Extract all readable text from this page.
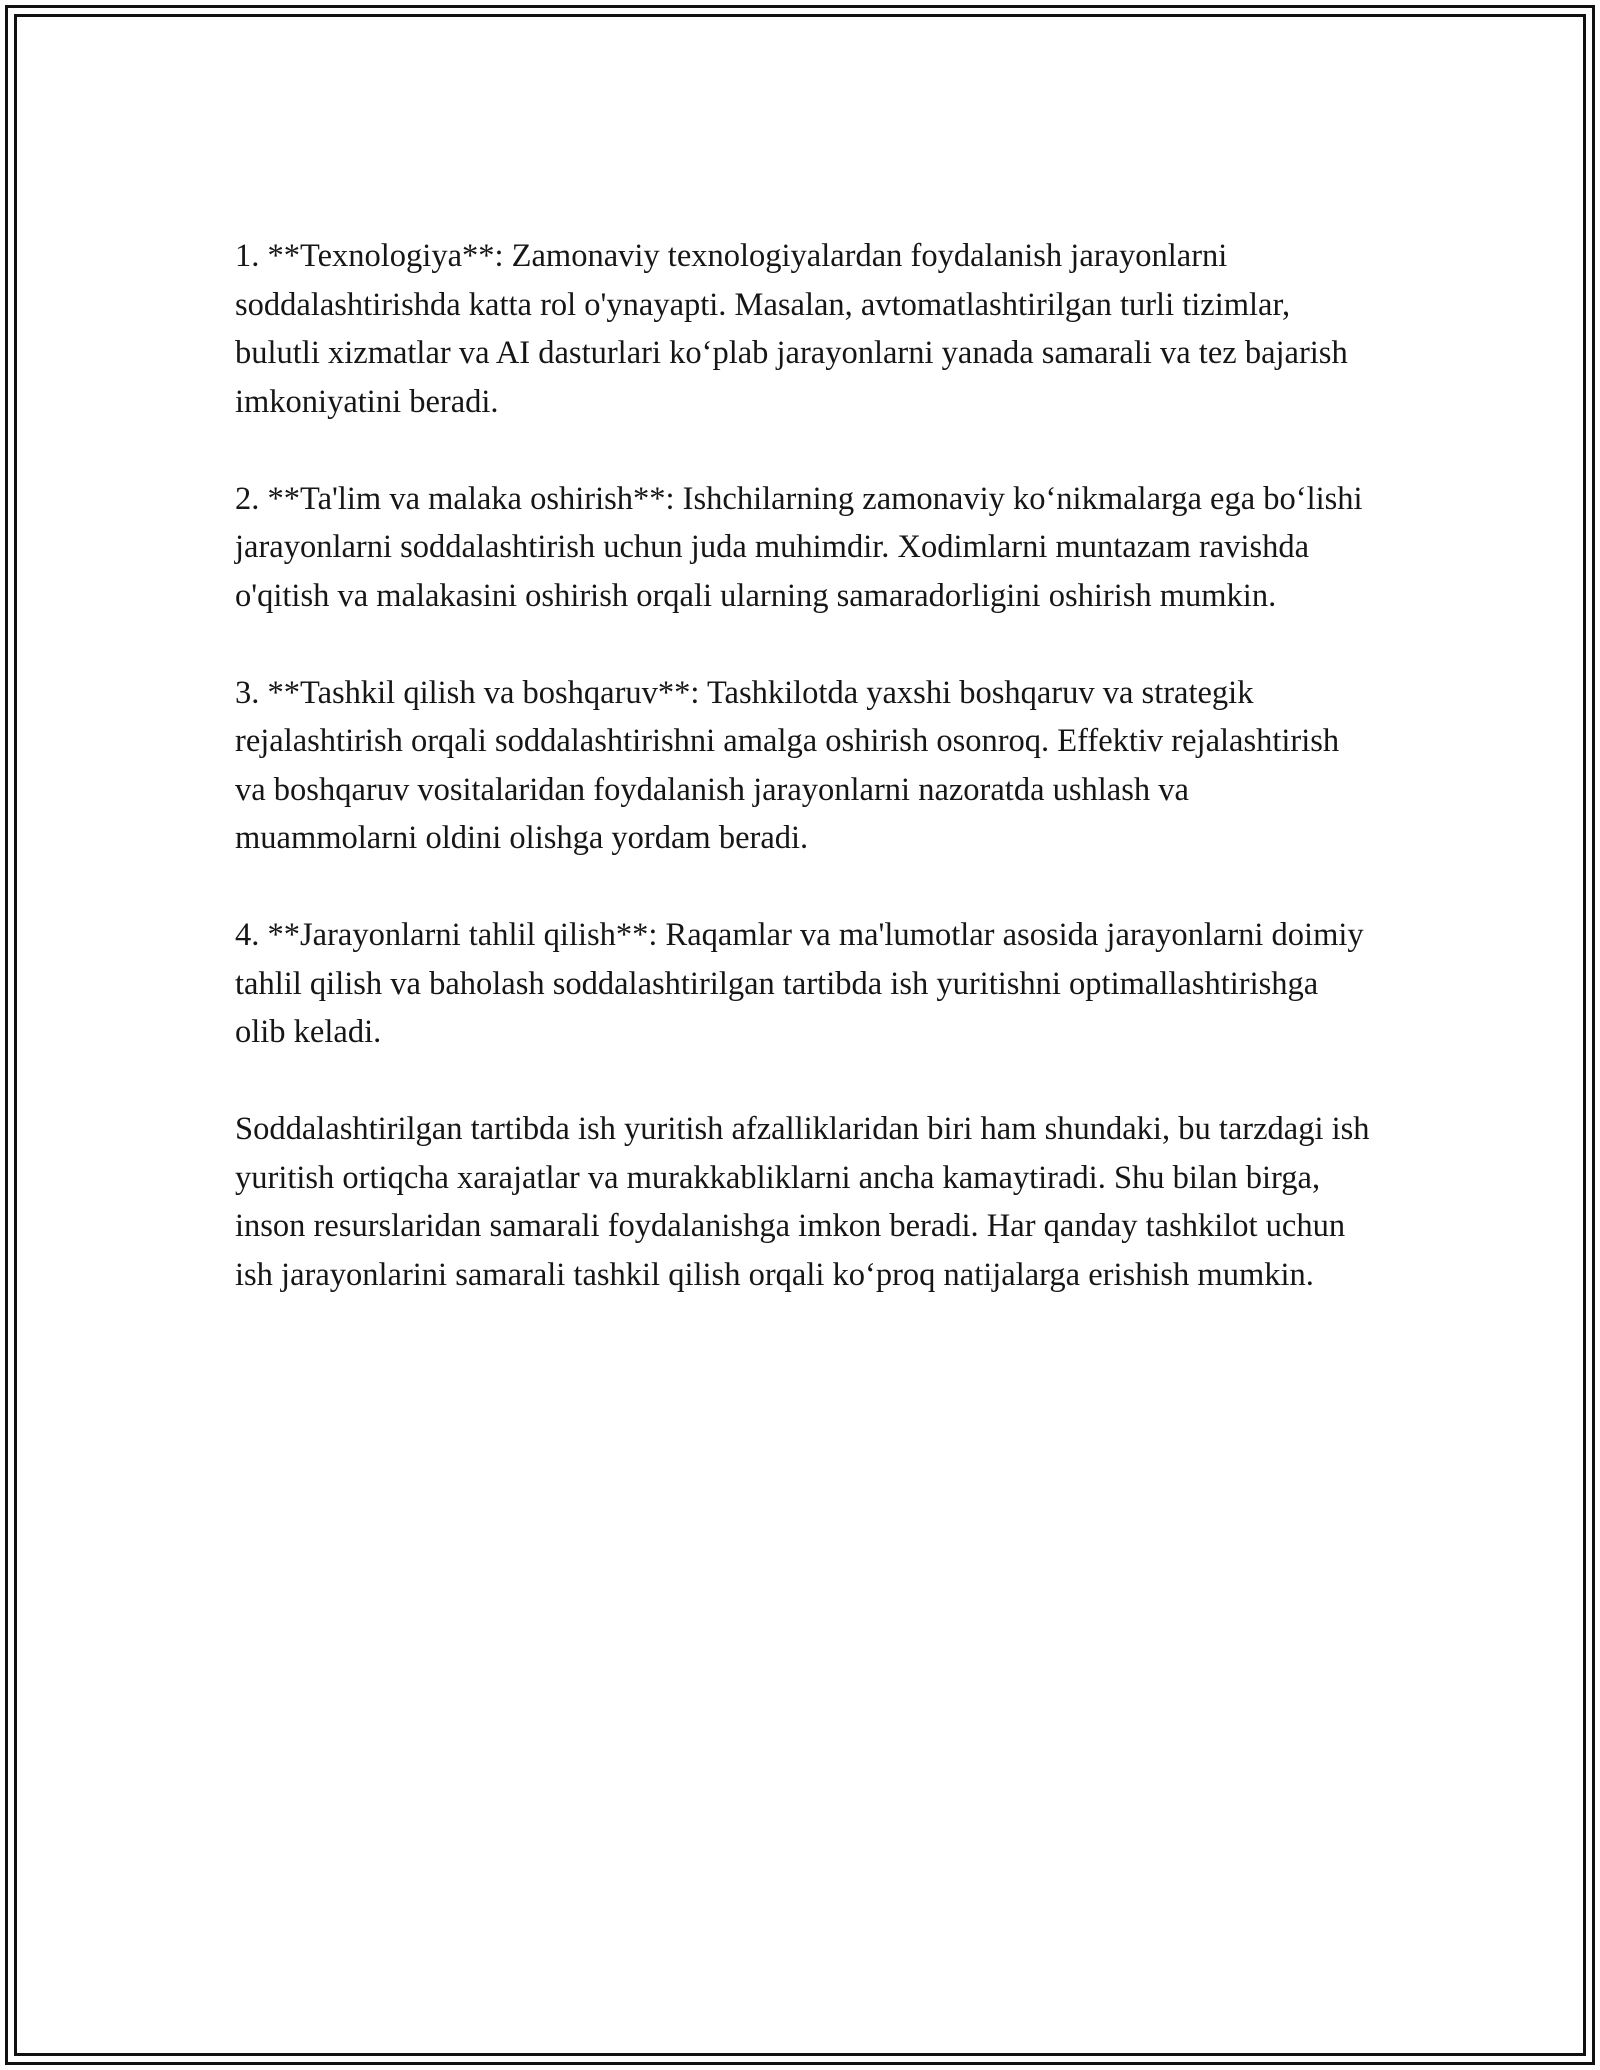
1. **Texnologiya**: Zamonaviy texnologiyalardan foydalanish jarayonlarni soddalashtirishda katta rol o'ynayapti. Masalan, avtomatlashtirilgan turli tizimlar, bulutli xizmatlar va AI dasturlari ko‘plab jarayonlarni yanada samarali va tez bajarish imkoniyatini beradi.

2. **Ta'lim va malaka oshirish**: Ishchilarning zamonaviy ko‘nikmalarga ega bo‘lishi jarayonlarni soddalashtirish uchun juda muhimdir. Xodimlarni muntazam ravishda o'qitish va malakasini oshirish orqali ularning samaradorligini oshirish mumkin.

3. **Tashkil qilish va boshqaruv**: Tashkilotda yaxshi boshqaruv va strategik rejalashtirish orqali soddalashtirishni amalga oshirish osonroq. Effektiv rejalashtirish va boshqaruv vositalaridan foydalanish jarayonlarni nazoratda ushlash va muammolarni oldini olishga yordam beradi.

4. **Jarayonlarni tahlil qilish**: Raqamlar va ma'lumotlar asosida jarayonlarni doimiy tahlil qilish va baholash soddalashtirilgan tartibda ish yuritishni optimallashtirishga olib keladi.

Soddalashtirilgan tartibda ish yuritish afzalliklaridan biri ham shundaki, bu tarzdagi ish yuritish ortiqcha xarajatlar va murakkabliklarni ancha kamaytiradi. Shu bilan birga, inson resurslaridan samarali foydalanishga imkon beradi. Har qanday tashkilot uchun ish jarayonlarini samarali tashkil qilish orqali ko‘proq natijalarga erishish mumkin.
